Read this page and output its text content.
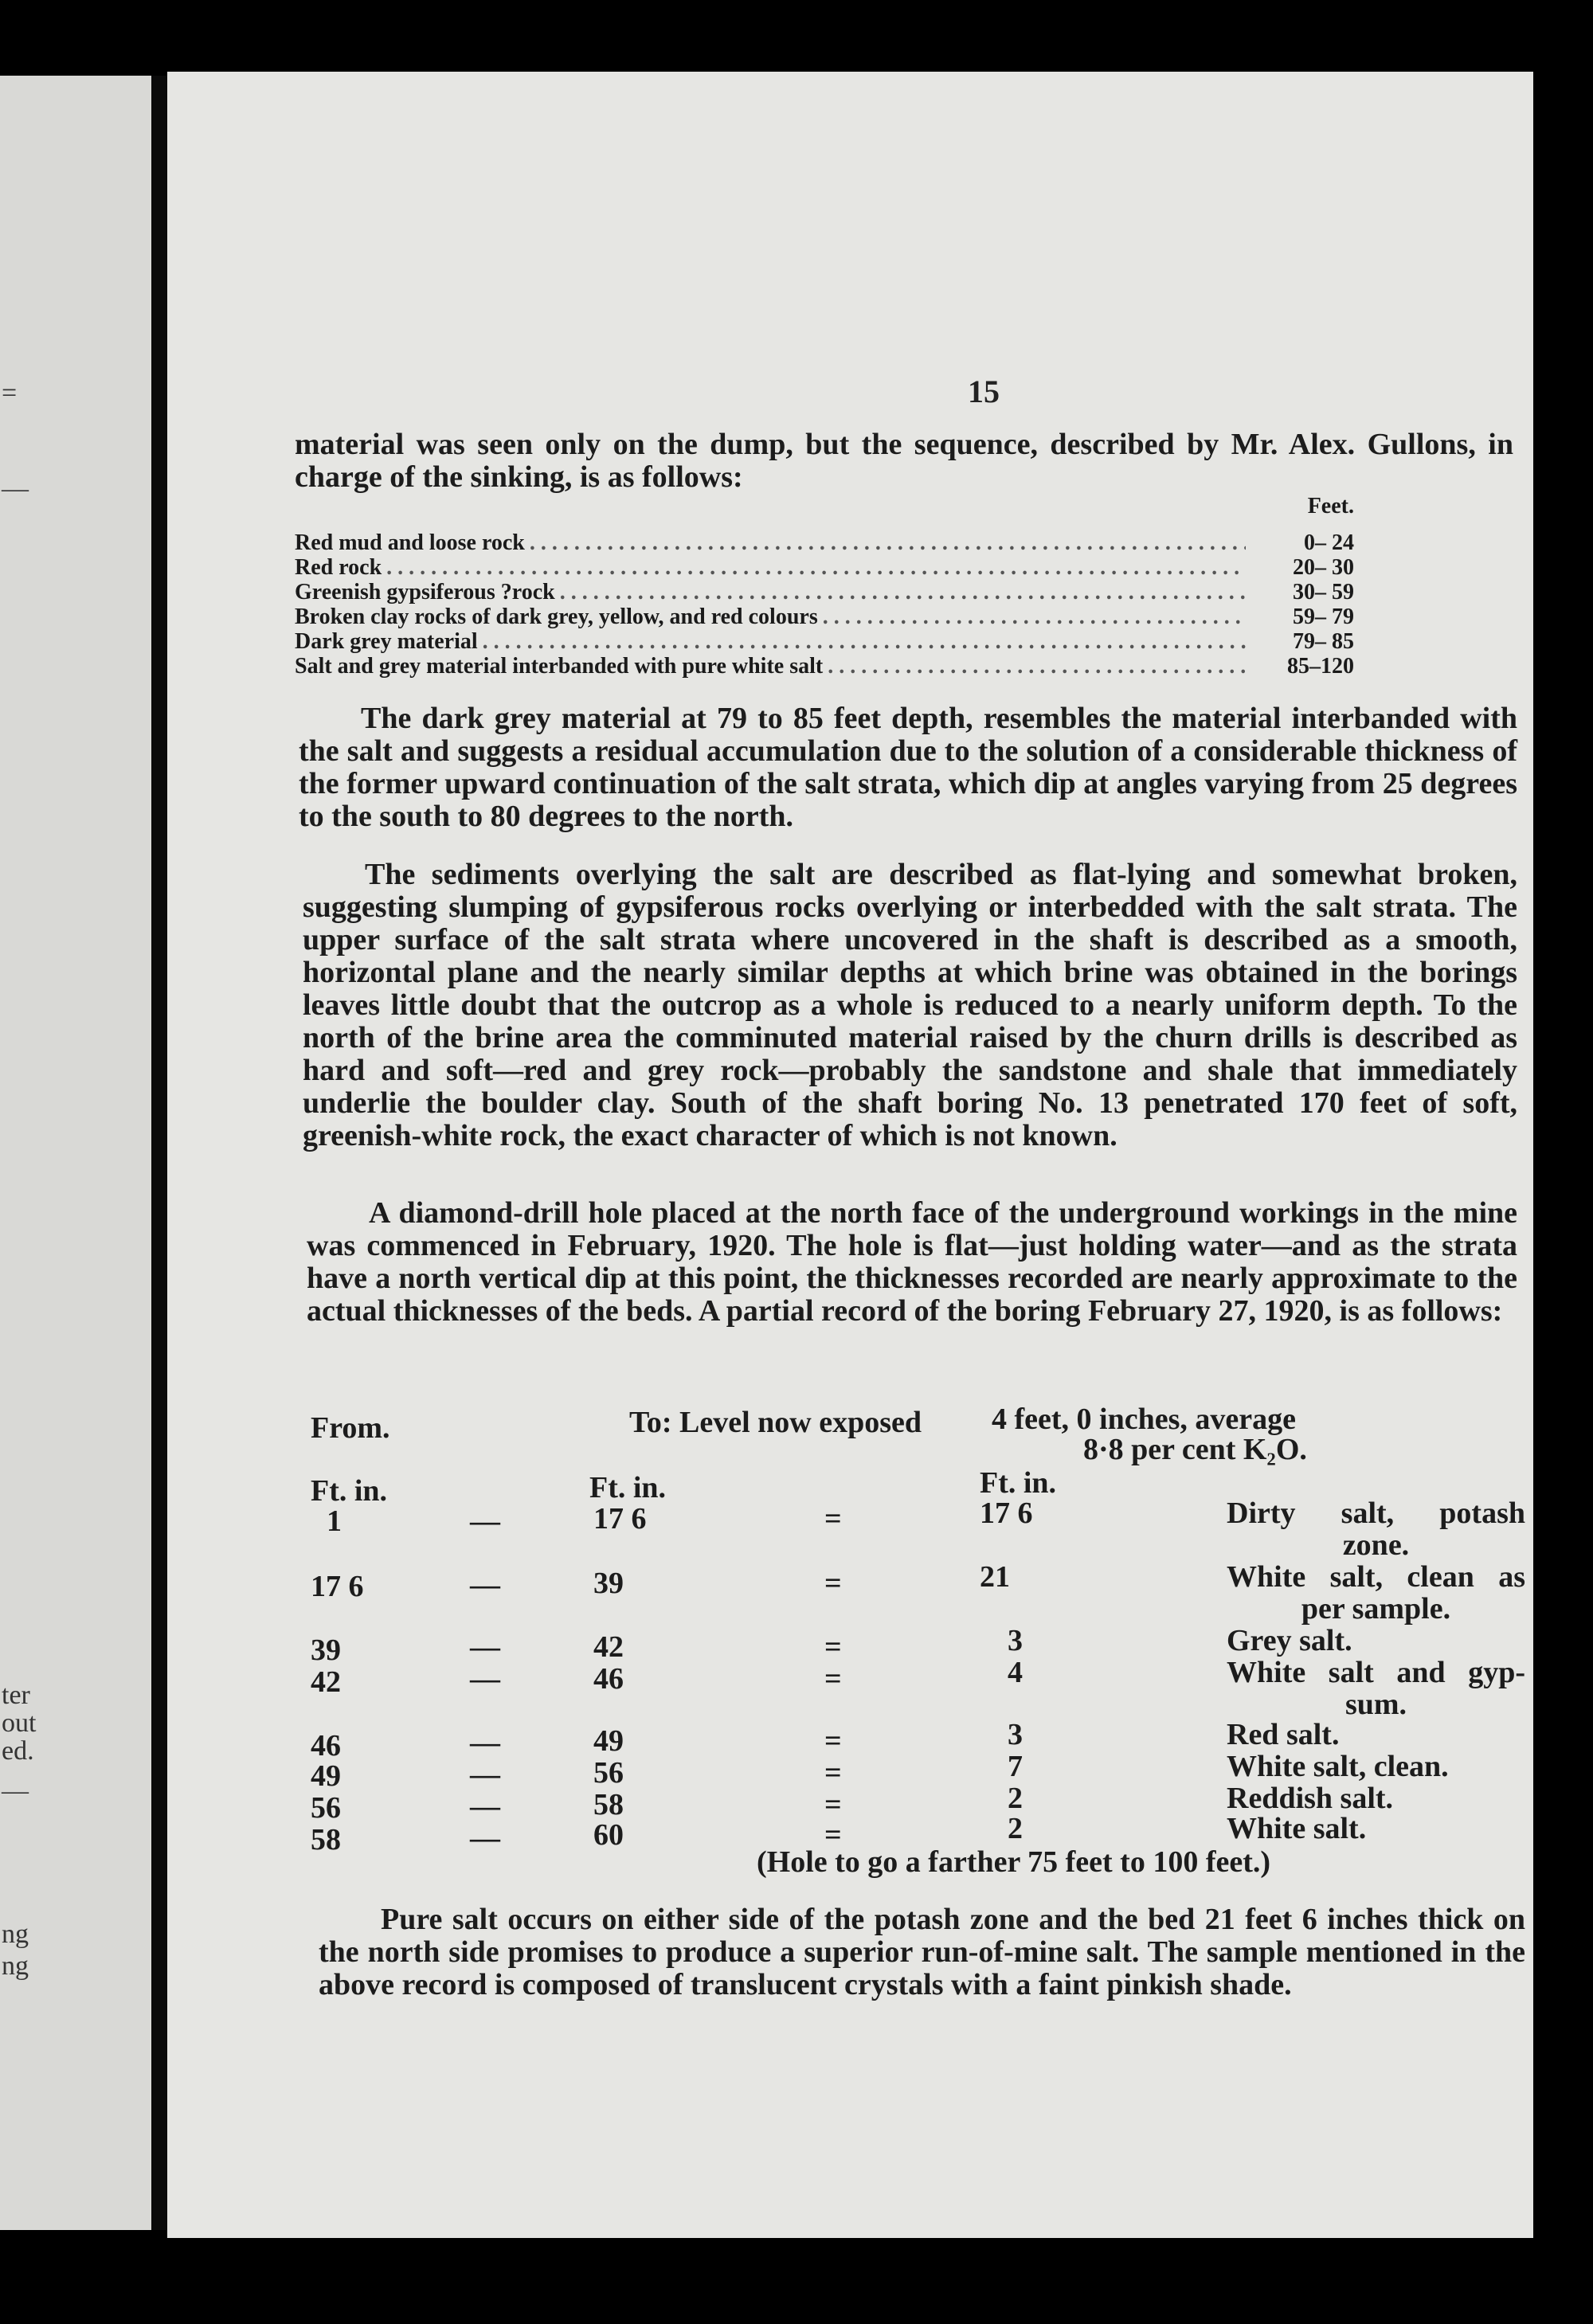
=
—
ter
out
ed.
—
ng
ng
15

material was seen only on the dump, but the sequence, described by Mr. Alex. Gullons, in charge of the sinking, is as follows:

Feet.
Red mud and loose rock . . .	0– 24
Red rock . . .	20– 30
Greenish gypsiferous ?rock . . .	30– 59
Broken clay rocks of dark grey, yellow, and red colours . . .	59– 79
Dark grey material . . .	79– 85
Salt and grey material interbanded with pure white salt . . .	85–120

The dark grey material at 79 to 85 feet depth, resembles the material interbanded with the salt and suggests a residual accumulation due to the solution of a considerable thickness of the former upward continuation of the salt strata, which dip at angles varying from 25 degrees to the south to 80 degrees to the north.

The sediments overlying the salt are described as flat-lying and somewhat broken, suggesting slumping of gypsiferous rocks overlying or interbedded with the salt strata. The upper surface of the salt strata where uncovered in the shaft is described as a smooth, horizontal plane and the nearly similar depths at which brine was obtained in the borings leaves little doubt that the outcrop as a whole is reduced to a nearly uniform depth. To the north of the brine area the comminuted material raised by the churn drills is described as hard and soft—red and grey rock—probably the sandstone and shale that immediately underlie the boulder clay. South of the shaft boring No. 13 penetrated 170 feet of soft, greenish-white rock, the exact character of which is not known.

A diamond-drill hole placed at the north face of the underground workings in the mine was commenced in February, 1920. The hole is flat—just holding water—and as the strata have a north vertical dip at this point, the thicknesses recorded are nearly approximate to the actual thicknesses of the beds. A partial record of the boring February 27, 1920, is as follows:

From.	To: Level now exposed 4 feet, 0 inches, average
8·8 per cent K₂O.
Ft. in.	Ft. in.	Ft. in.
1	—	17 6	=	17 6	Dirty salt, potash
zone.
17 6	—	39	=	21	White salt, clean as
per sample.
39	—	42	=	3	Grey salt.
42	—	46	=	4	White salt and gyp-
sum.
46	—	49	=	3	Red salt.
49	—	56	=	7	White salt, clean.
56	—	58	=	2	Reddish salt.
58	—	60	=	2	White salt.
(Hole to go a farther 75 feet to 100 feet.)

Pure salt occurs on either side of the potash zone and the bed 21 feet 6 inches thick on the north side promises to produce a superior run-of-mine salt. The sample mentioned in the above record is composed of translucent crystals with a faint pinkish shade.
